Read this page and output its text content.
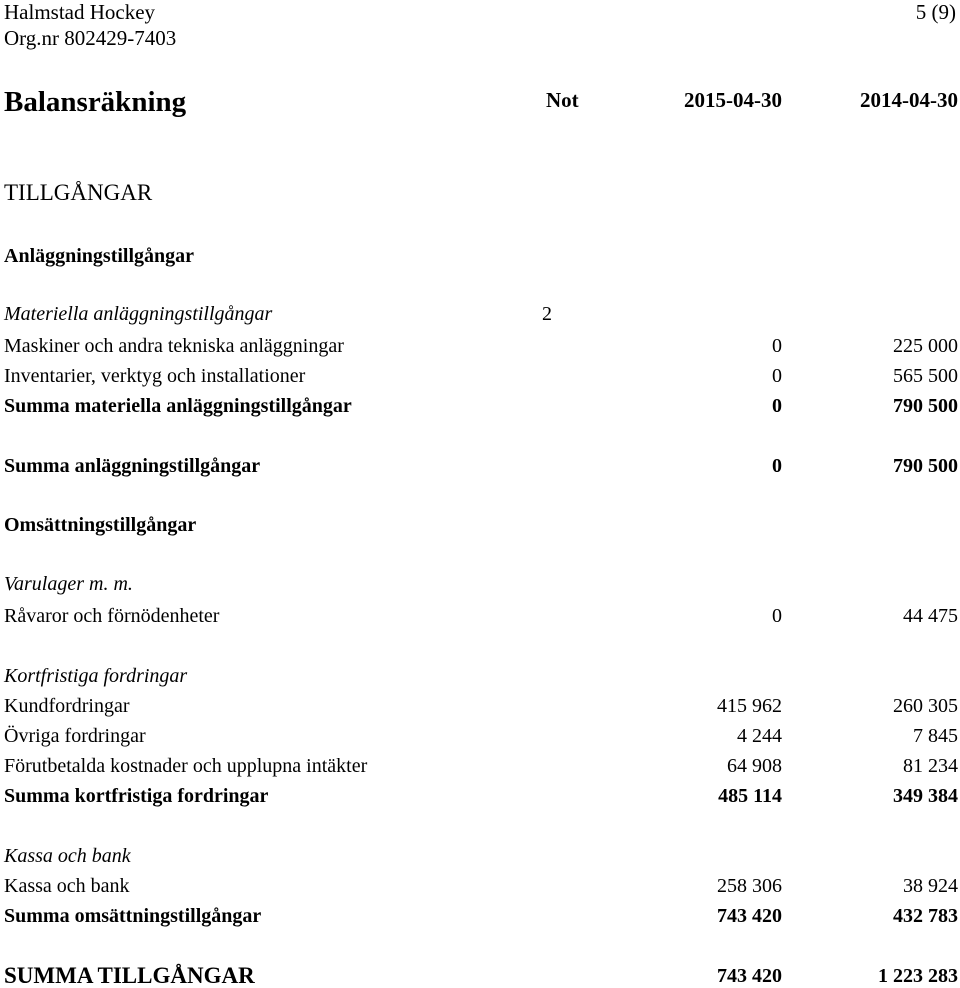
Halmstad Hockey
Org.nr 802429-7403
5 (9)
Balansräkning	Not	2015-04-30	2014-04-30
TILLGÅNGAR
Anläggningstillgångar
Materiella anläggningstillgångar	2
Maskiner och andra tekniska anläggningar	0	225 000
Inventarier, verktyg och installationer	0	565 500
Summa materiella anläggningstillgångar	0	790 500
Summa anläggningstillgångar	0	790 500
Omsättningstillgångar
Varulager m. m.
Råvaror och förnödenheter	0	44 475
Kortfristiga fordringar
Kundfordringar	415 962	260 305
Övriga fordringar	4 244	7 845
Förutbetalda kostnader och upplupna intäkter	64 908	81 234
Summa kortfristiga fordringar	485 114	349 384
Kassa och bank
Kassa och bank	258 306	38 924
Summa omsättningstillgångar	743 420	432 783
SUMMA TILLGÅNGAR	743 420	1 223 283
